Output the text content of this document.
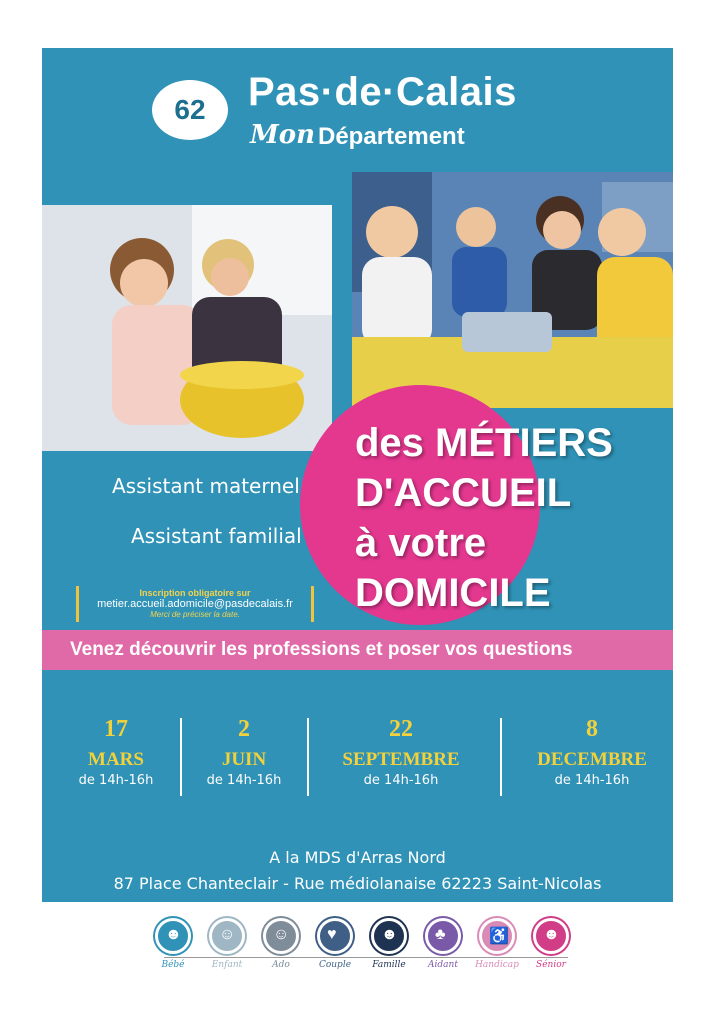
62	Pas·de·Calais
Mon Département
des MÉTIERS
D'ACCUEIL
à votre
DOMICILE
Assistant maternel
Assistant familial
Inscription obligatoire sur
metier.accueil.adomicile@pasdecalais.fr
Merci de préciser la date.
Venez découvrir les professions et poser vos questions
17
MARS
de 14h-16h
2
JUIN
de 14h-16h
22
SEPTEMBRE
de 14h-16h
8
DECEMBRE
de 14h-16h
A la MDS d'Arras Nord
87 Place Chanteclair - Rue médiolanaise 62223 Saint-Nicolas
☻
Bébé
☺
Enfant
☺
Ado
♥
Couple
☻
Famille
♣
Aidant
♿
Handicap
☻
Sénior
